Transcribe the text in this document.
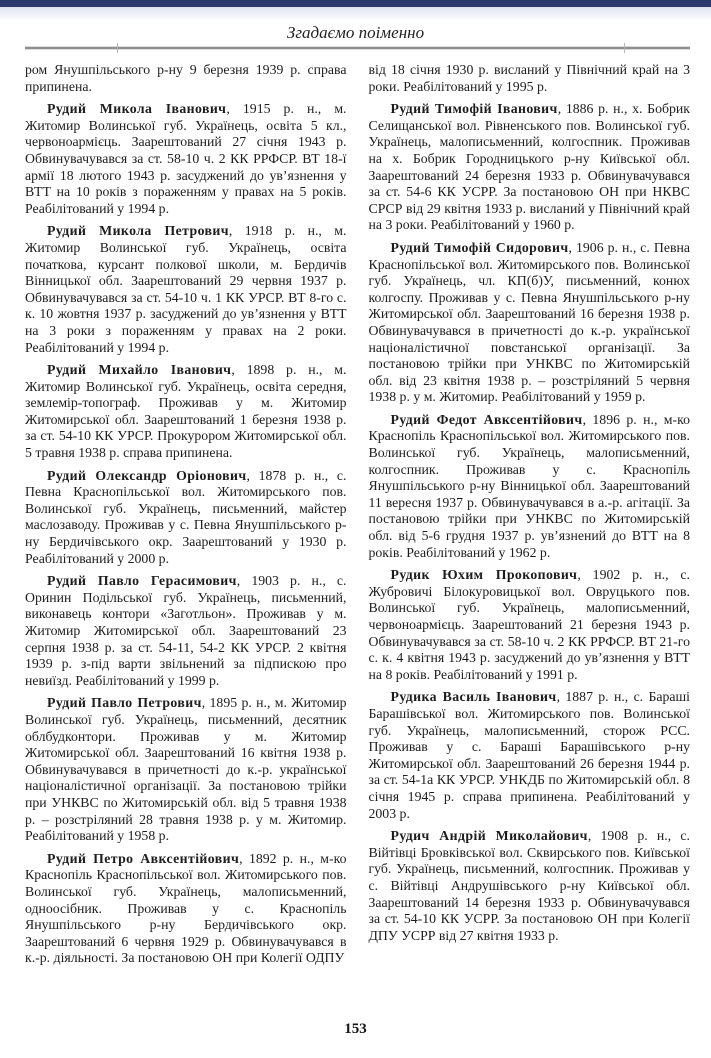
Згадаємо поіменно

ром Янушпільського р-ну 9 березня 1939 р. справа припинена.

Рудий Микола Іванович, 1915 р. н., м. Житомир Волинської губ. Українець, освіта 5 кл., червоноармієць. Заарештований 27 січня 1943 р. Обвинувачувався за ст. 58-10 ч. 2 КК РРФСР. ВТ 18-ї армії 18 лютого 1943 р. засуджений до ув’язнення у ВТТ на 10 років з пораженням у правах на 5 років. Реабілітований у 1994 р.

Рудий Микола Петрович, 1918 р. н., м. Житомир Волинської губ. Українець, освіта початкова, курсант полкової школи, м. Бердичів Вінницької обл. Заарештований 29 червня 1937 р. Обвинувачувався за ст. 54-10 ч. 1 КК УРСР. ВТ 8-го с. к. 10 жовтня 1937 р. засуджений до ув’язнення у ВТТ на 3 роки з пораженням у правах на 2 роки. Реабілітований у 1994 р.

Рудий Михайло Іванович, 1898 р. н., м. Житомир Волинської губ. Українець, освіта середня, землемір-топограф. Проживав у м. Житомир Житомирської обл. Заарештований 1 березня 1938 р. за ст. 54-10 КК УРСР. Прокурором Житомирської обл. 5 травня 1938 р. справа припинена.

Рудий Олександр Оріонович, 1878 р. н., с. Певна Краснопільської вол. Житомирського пов. Волинської губ. Українець, письменний, майстер маслозаводу. Проживав у с. Певна Янушпільського р-ну Бердичівського окр. Заарештований у 1930 р. Реабілітований у 2000 р.

Рудий Павло Герасимович, 1903 р. н., с. Оринин Подільської губ. Українець, письменний, виконавець контори «Заготльон». Проживав у м. Житомир Житомирської обл. Заарештований 23 серпня 1938 р. за ст. 54-11, 54-2 КК УРСР. 2 квітня 1939 р. з-під варти звільнений за підпискою про невиїзд. Реабілітований у 1999 р.

Рудий Павло Петрович, 1895 р. н., м. Житомир Волинської губ. Українець, письменний, десятник облбудконтори. Проживав у м. Житомир Житомирської обл. Заарештований 16 квітня 1938 р. Обвинувачувався в причетності до к.-р. української націоналістичної організації. За постановою трійки при УНКВС по Житомирській обл. від 5 травня 1938 р. – розстріляний 28 травня 1938 р. у м. Житомир. Реабілітований у 1958 р.

Рудий Петро Авксентійович, 1892 р. н., м-ко Краснопіль Краснопільської вол. Житомирського пов. Волинської губ. Українець, малописьменний, одноосібник. Проживав у с. Краснопіль Янушпільського р-ну Бердичівського окр. Заарештований 6 червня 1929 р. Обвинувачувався в к.-р. діяльності. За постановою ОН при Колегії ОДПУ

від 18 січня 1930 р. висланий у Північний край на 3 роки. Реабілітований у 1995 р.

Рудий Тимофій Іванович, 1886 р. н., х. Бобрик Селищанської вол. Рівненського пов. Волинської губ. Українець, малописьменний, колгоспник. Проживав на х. Бобрик Городницького р-ну Київської обл. Заарештований 24 березня 1933 р. Обвинувачувався за ст. 54-6 КК УСРР. За постановою ОН при НКВС СРСР від 29 квітня 1933 р. висланий у Північний край на 3 роки. Реабілітований у 1960 р.

Рудий Тимофій Сидорович, 1906 р. н., с. Певна Краснопільської вол. Житомирського пов. Волинської губ. Українець, чл. КП(б)У, письменний, конюх колгоспу. Проживав у с. Певна Янушпільського р-ну Житомирської обл. Заарештований 16 березня 1938 р. Обвинувачувався в причетності до к.-р. української націоналістичної повстанської організації. За постановою трійки при УНКВС по Житомирській обл. від 23 квітня 1938 р. – розстріляний 5 червня 1938 р. у м. Житомир. Реабілітований у 1959 р.

Рудий Федот Авксентійович, 1896 р. н., м-ко Краснопіль Краснопільської вол. Житомирського пов. Волинської губ. Українець, малописьменний, колгоспник. Проживав у с. Краснопіль Янушпільського р-ну Вінницької обл. Заарештований 11 вересня 1937 р. Обвинувачувався в а.-р. агітації. За постановою трійки при УНКВС по Житомирській обл. від 5-6 грудня 1937 р. ув’язнений до ВТТ на 8 років. Реабілітований у 1962 р.

Рудик Юхим Прокопович, 1902 р. н., с. Жубровичі Білокуровицької вол. Овруцького пов. Волинської губ. Українець, малописьменний, червоноармієць. Заарештований 21 березня 1943 р. Обвинувачувався за ст. 58-10 ч. 2 КК РРФСР. ВТ 21-го с. к. 4 квітня 1943 р. засуджений до ув’язнення у ВТТ на 8 років. Реабілітований у 1991 р.

Рудика Василь Іванович, 1887 р. н., с. Бараші Барашівської вол. Житомирського пов. Волинської губ. Українець, малописьменний, сторож РСС. Проживав у с. Бараші Барашівського р-ну Житомирської обл. Заарештований 26 березня 1944 р. за ст. 54-1а КК УРСР. УНКДБ по Житомирській обл. 8 січня 1945 р. справа припинена. Реабілітований у 2003 р.

Рудич Андрій Миколайович, 1908 р. н., с. Війтівці Бровківської вол. Сквирського пов. Київської губ. Українець, письменний, колгоспник. Проживав у с. Війтівці Андрушівського р-ну Київської обл. Заарештований 14 березня 1933 р. Обвинувачувався за ст. 54-10 КК УСРР. За постановою ОН при Колегії ДПУ УСРР від 27 квітня 1933 р.

153
